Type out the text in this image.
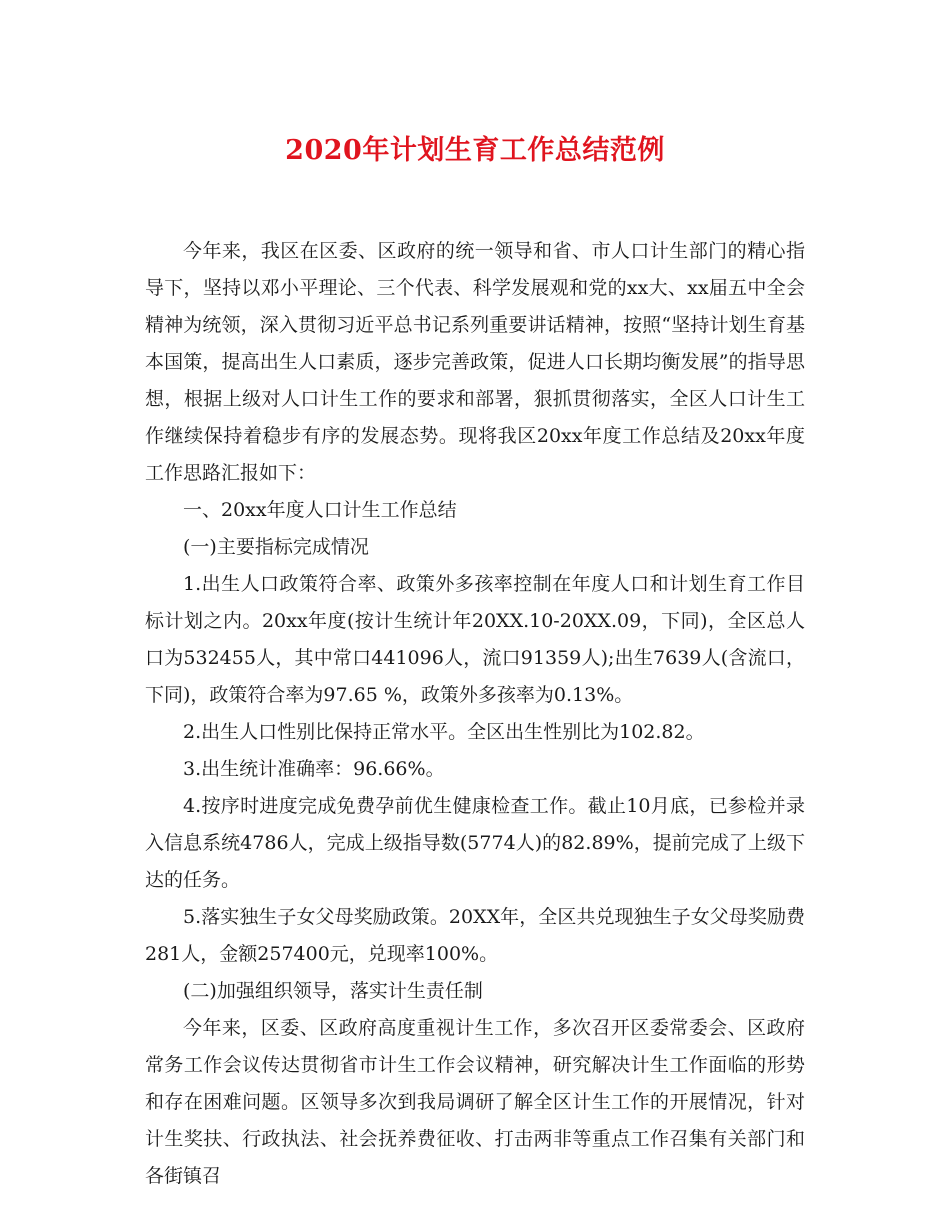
2020年计划生育工作总结范例

今年来，我区在区委、区政府的统一领导和省、市人口计生部门的精心指导下，坚持以邓小平理论、三个代表、科学发展观和党的xx大、xx届五中全会精神为统领，深入贯彻习近平总书记系列重要讲话精神，按照“坚持计划生育基本国策，提高出生人口素质，逐步完善政策，促进人口长期均衡发展”的指导思想，根据上级对人口计生工作的要求和部署，狠抓贯彻落实，全区人口计生工作继续保持着稳步有序的发展态势。现将我区20xx年度工作总结及20xx年度工作思路汇报如下：

一、20xx年度人口计生工作总结

(一)主要指标完成情况

1.出生人口政策符合率、政策外多孩率控制在年度人口和计划生育工作目标计划之内。20xx年度(按计生统计年20XX.10-20XX.09，下同)，全区总人口为532455人，其中常口441096人，流口91359人);出生7639人(含流口，下同)，政策符合率为97.65 %，政策外多孩率为0.13%。

2.出生人口性别比保持正常水平。全区出生性别比为102.82。

3.出生统计准确率：96.66%。

4.按序时进度完成免费孕前优生健康检查工作。截止10月底，已参检并录入信息系统4786人，完成上级指导数(5774人)的82.89%，提前完成了上级下达的任务。

5.落实独生子女父母奖励政策。20XX年，全区共兑现独生子女父母奖励费281人，金额257400元，兑现率100%。

(二)加强组织领导，落实计生责任制

今年来，区委、区政府高度重视计生工作，多次召开区委常委会、区政府常务工作会议传达贯彻省市计生工作会议精神，研究解决计生工作面临的形势和存在困难问题。区领导多次到我局调研了解全区计生工作的开展情况，针对计生奖扶、行政执法、社会抚养费征收、打击两非等重点工作召集有关部门和各街镇召
